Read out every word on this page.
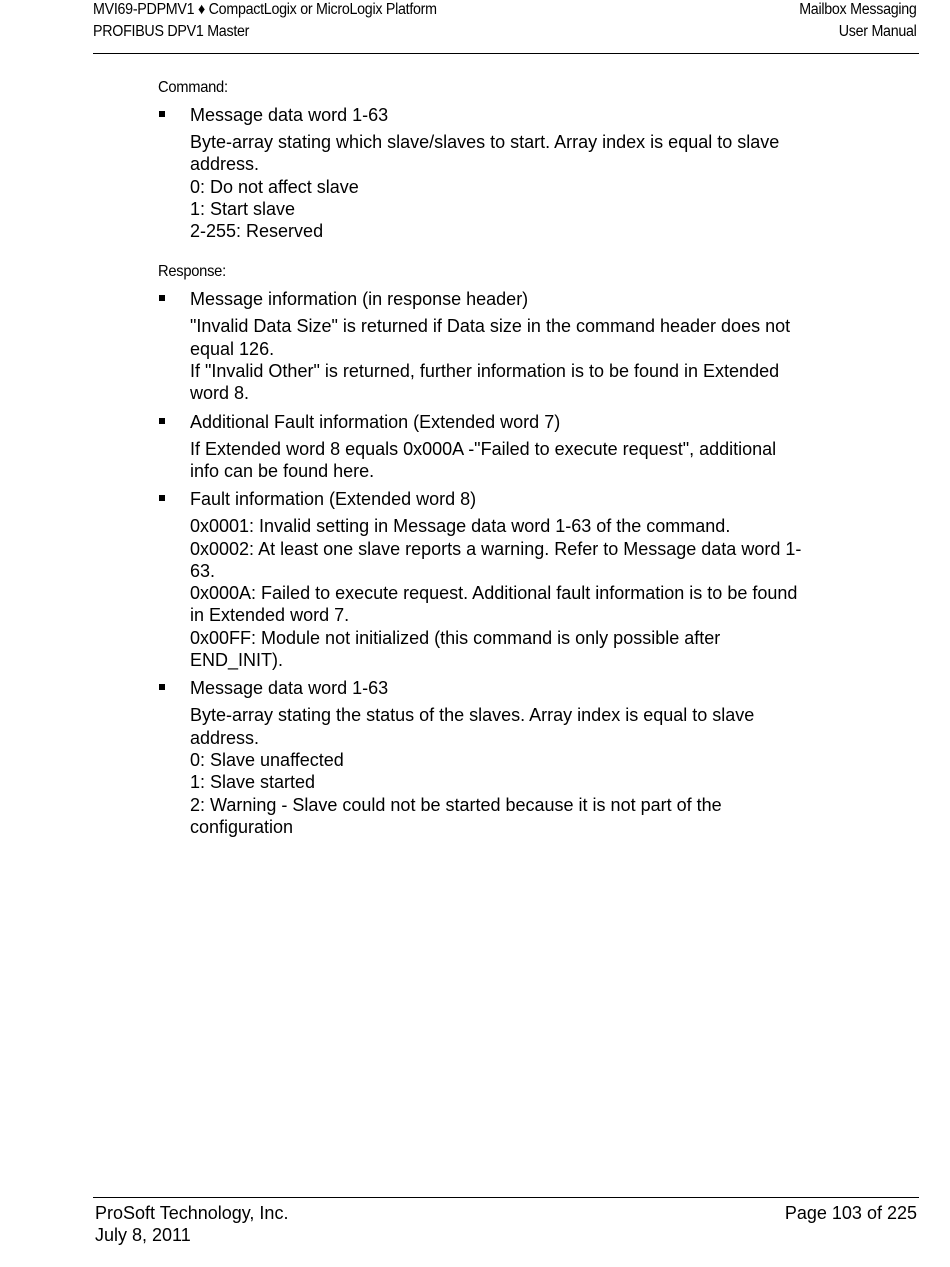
MVI69-PDPMV1 ♦ CompactLogix or MicroLogix Platform
PROFIBUS DPV1 Master
Mailbox Messaging
User Manual

Command:

Message data word 1-63
Byte-array stating which slave/slaves to start. Array index is equal to slave
address.
0: Do not affect slave
1: Start slave
2-255: Reserved

Response:

Message information (in response header)
"Invalid Data Size" is returned if Data size in the command header does not
equal 126.
If "Invalid Other" is returned, further information is to be found in Extended
word 8.
Additional Fault information (Extended word 7)
If Extended word 8 equals 0x000A -"Failed to execute request", additional
info can be found here.
Fault information (Extended word 8)
0x0001: Invalid setting in Message data word 1-63 of the command.
0x0002: At least one slave reports a warning. Refer to Message data word 1-
63.
0x000A: Failed to execute request. Additional fault information is to be found
in Extended word 7.
0x00FF: Module not initialized (this command is only possible after
END_INIT).
Message data word 1-63
Byte-array stating the status of the slaves. Array index is equal to slave
address.
0: Slave unaffected
1: Slave started
2: Warning - Slave could not be started because it is not part of the
configuration
ProSoft Technology, Inc.
July 8, 2011
Page 103 of 225
